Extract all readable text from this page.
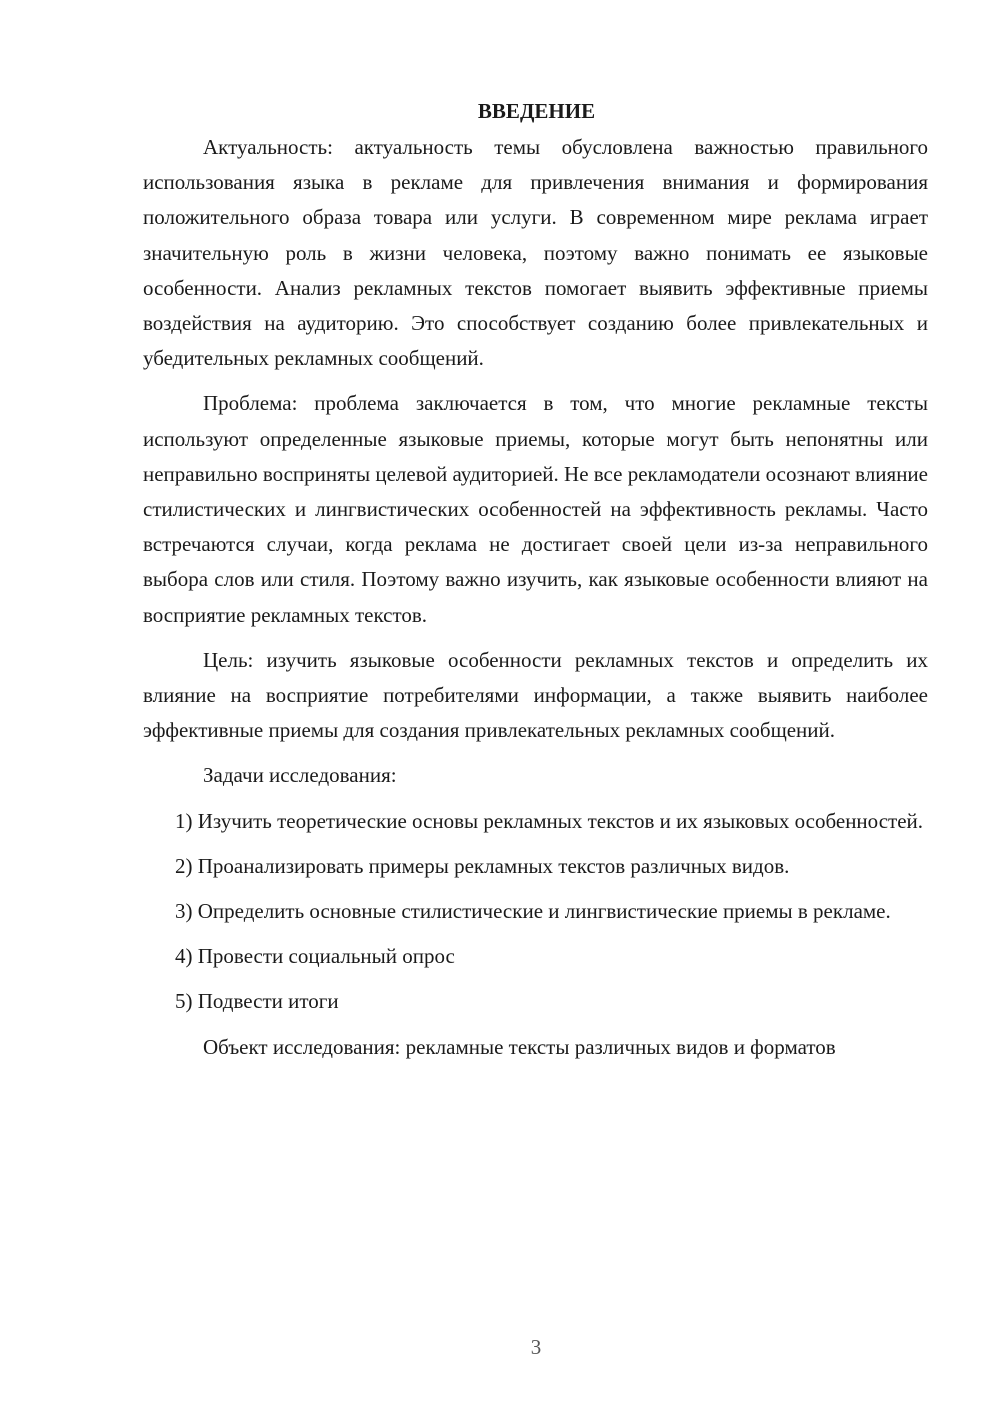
ВВЕДЕНИЕ

Актуальность: актуальность темы обусловлена важностью правильного использования языка в рекламе для привлечения внимания и формирования положительного образа товара или услуги. В современном мире реклама играет значительную роль в жизни человека, поэтому важно понимать ее языковые особенности. Анализ рекламных текстов помогает выявить эффективные приемы воздействия на аудиторию. Это способствует созданию более привлекательных и убедительных рекламных сообщений.

Проблема: проблема заключается в том, что многие рекламные тексты используют определенные языковые приемы, которые могут быть непонятны или неправильно восприняты целевой аудиторией. Не все рекламодатели осознают влияние стилистических и лингвистических особенностей на эффективность рекламы. Часто встречаются случаи, когда реклама не достигает своей цели из-за неправильного выбора слов или стиля. Поэтому важно изучить, как языковые особенности влияют на восприятие рекламных текстов.

Цель: изучить языковые особенности рекламных текстов и определить их влияние на восприятие потребителями информации, а также выявить наиболее эффективные приемы для создания привлекательных рекламных сообщений.

Задачи исследования:

1) Изучить теоретические основы рекламных текстов и их языковых особенностей.

2) Проанализировать примеры рекламных текстов различных видов.

3) Определить основные стилистические и лингвистические приемы в рекламе.

4) Провести социальный опрос

5) Подвести итоги

Объект исследования: рекламные тексты различных видов и форматов

3
